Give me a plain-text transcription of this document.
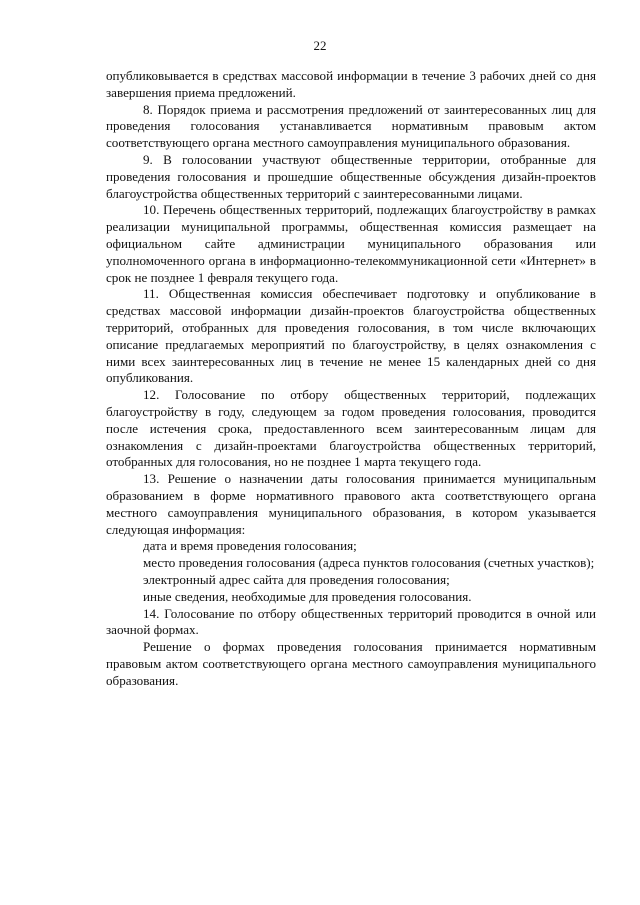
22

опубликовывается в средствах массовой информации в течение 3 рабочих дней со дня завершения приема предложений.

8. Порядок приема и рассмотрения предложений от заинтересованных лиц для проведения голосования устанавливается нормативным правовым актом соответствующего органа местного самоуправления муниципального образования.

9. В голосовании участвуют общественные территории, отобранные для проведения голосования и прошедшие общественные обсуждения дизайн-проектов благоустройства общественных территорий с заинтересованными лицами.

10. Перечень общественных территорий, подлежащих благоустройству в рамках реализации муниципальной программы, общественная комиссия размещает на официальном сайте администрации муниципального образования или уполномоченного органа в информационно-телекоммуникационной сети «Интернет» в срок не позднее 1 февраля текущего года.

11. Общественная комиссия обеспечивает подготовку и опубликование в средствах массовой информации дизайн-проектов благоустройства общественных территорий, отобранных для проведения голосования, в том числе включающих описание предлагаемых мероприятий по благоустройству, в целях ознакомления с ними всех заинтересованных лиц в течение не менее 15 календарных дней со дня опубликования.

12. Голосование по отбору общественных территорий, подлежащих благоустройству в году, следующем за годом проведения голосования, проводится после истечения срока, предоставленного всем заинтересованным лицам для ознакомления с дизайн-проектами благоустройства общественных территорий, отобранных для голосования, но не позднее 1 марта текущего года.

13. Решение о назначении даты голосования принимается муниципальным образованием в форме нормативного правового акта соответствующего органа местного самоуправления муниципального образования, в котором указывается следующая информация:

дата и время проведения голосования;

место проведения голосования (адреса пунктов голосования (счетных участков);

электронный адрес сайта для проведения голосования;

иные сведения, необходимые для проведения голосования.

14. Голосование по отбору общественных территорий проводится в очной или заочной формах.

Решение о формах проведения голосования принимается нормативным правовым актом соответствующего органа местного самоуправления муниципального образования.
